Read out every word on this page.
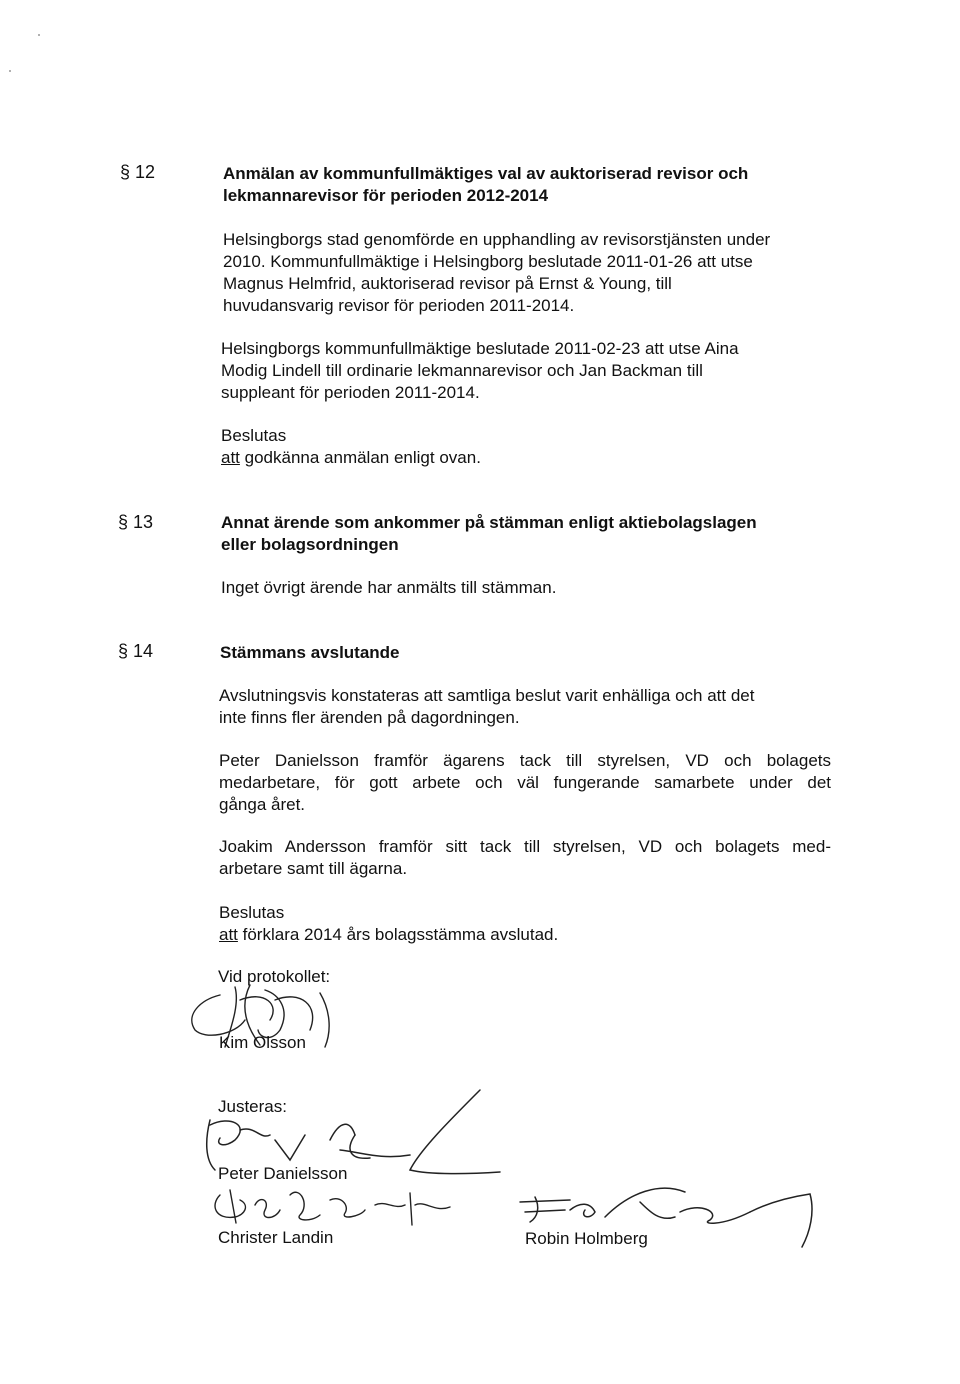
§ 12	Anmälan av kommunfullmäktiges val av auktoriserad revisor och
lekmannarevisor för perioden 2012-2014
Helsingborgs stad genomförde en upphandling av revisorstjänsten under
2010. Kommunfullmäktige i Helsingborg beslutade 2011-01-26 att utse
Magnus Helmfrid, auktoriserad revisor på Ernst & Young, till
huvudansvarig revisor för perioden 2011-2014.
Helsingborgs kommunfullmäktige beslutade 2011-02-23 att utse Aina
Modig Lindell till ordinarie lekmannarevisor och Jan Backman till
suppleant för perioden 2011-2014.
Beslutas
att godkänna anmälan enligt ovan.
§ 13	Annat ärende som ankommer på stämman enligt aktiebolagslagen
eller bolagsordningen
Inget övrigt ärende har anmälts till stämman.
§ 14	Stämmans avslutande
Avslutningsvis konstateras att samtliga beslut varit enhälliga och att det
inte finns fler ärenden på dagordningen.
Peter Danielsson framför ägarens tack till styrelsen, VD och bolagets
medarbetare, för gott arbete och väl fungerande samarbete under det
gånga året.
Joakim Andersson framför sitt tack till styrelsen, VD och bolagets med-
arbetare samt till ägarna.
Beslutas
att förklara 2014 års bolagsstämma avslutad.
Vid protokollet:
Kim Olsson
Justeras:
Peter Danielsson
Christer Landin	Robin Holmberg
